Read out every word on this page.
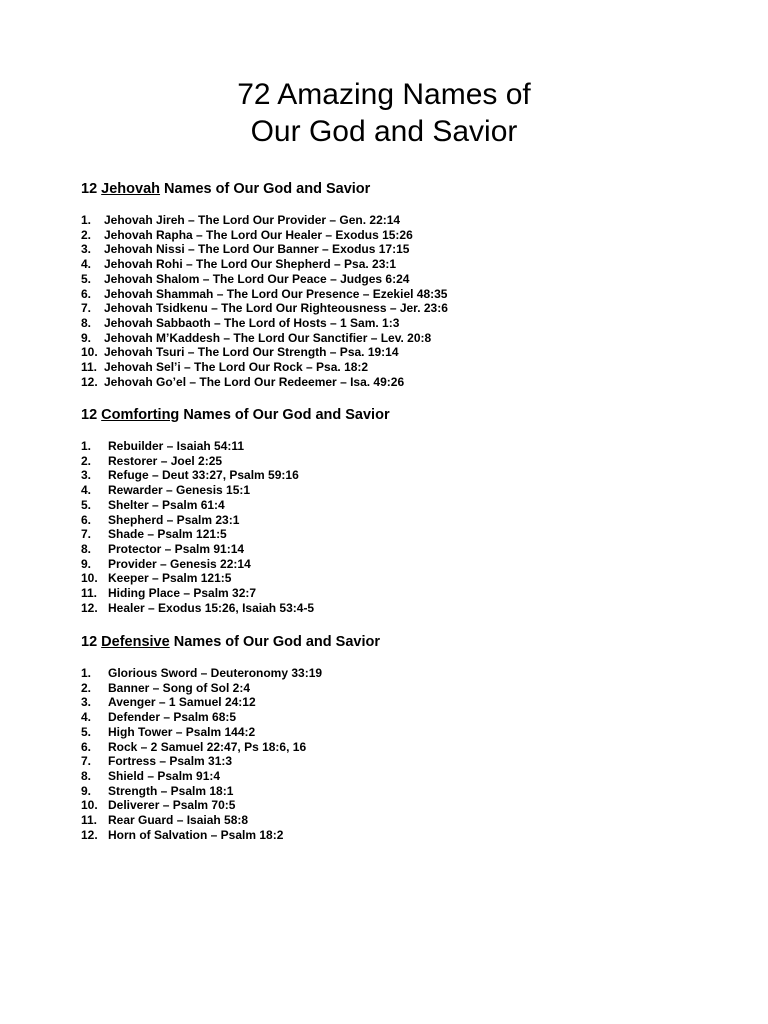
72 Amazing Names of
Our God and Savior
12 Jehovah Names of Our God and Savior
1.	Jehovah Jireh – The Lord Our Provider – Gen. 22:14
2.	Jehovah Rapha – The Lord Our Healer – Exodus 15:26
3.	Jehovah Nissi – The Lord Our Banner – Exodus 17:15
4.	Jehovah Rohi – The Lord Our Shepherd – Psa. 23:1
5.	Jehovah Shalom – The Lord Our Peace – Judges 6:24
6.	Jehovah Shammah – The Lord Our Presence – Ezekiel 48:35
7.	Jehovah Tsidkenu – The Lord Our Righteousness – Jer. 23:6
8.	Jehovah Sabbaoth – The Lord of Hosts – 1 Sam. 1:3
9.	Jehovah M’Kaddesh – The Lord Our Sanctifier – Lev. 20:8
10. Jehovah Tsuri – The Lord Our Strength – Psa. 19:14
11. Jehovah Sel’i – The Lord Our Rock – Psa. 18:2
12. Jehovah Go’el – The Lord Our Redeemer – Isa. 49:26
12 Comforting Names of Our God and Savior
1.	Rebuilder – Isaiah 54:11
2.	Restorer – Joel 2:25
3.	Refuge – Deut 33:27, Psalm 59:16
4.	Rewarder – Genesis 15:1
5.	Shelter – Psalm 61:4
6.	Shepherd – Psalm 23:1
7.	Shade – Psalm 121:5
8.	Protector – Psalm 91:14
9.	Provider – Genesis 22:14
10. Keeper – Psalm 121:5
11. Hiding Place – Psalm 32:7
12. Healer – Exodus 15:26, Isaiah 53:4-5
12 Defensive Names of Our God and Savior
1.	Glorious Sword – Deuteronomy 33:19
2.	Banner – Song of Sol 2:4
3.	Avenger – 1 Samuel 24:12
4.	Defender – Psalm 68:5
5.	High Tower – Psalm 144:2
6.	Rock – 2 Samuel 22:47, Ps 18:6, 16
7.	Fortress – Psalm 31:3
8.	Shield – Psalm 91:4
9.	Strength – Psalm 18:1
10. Deliverer – Psalm 70:5
11. Rear Guard – Isaiah 58:8
12. Horn of Salvation – Psalm 18:2
